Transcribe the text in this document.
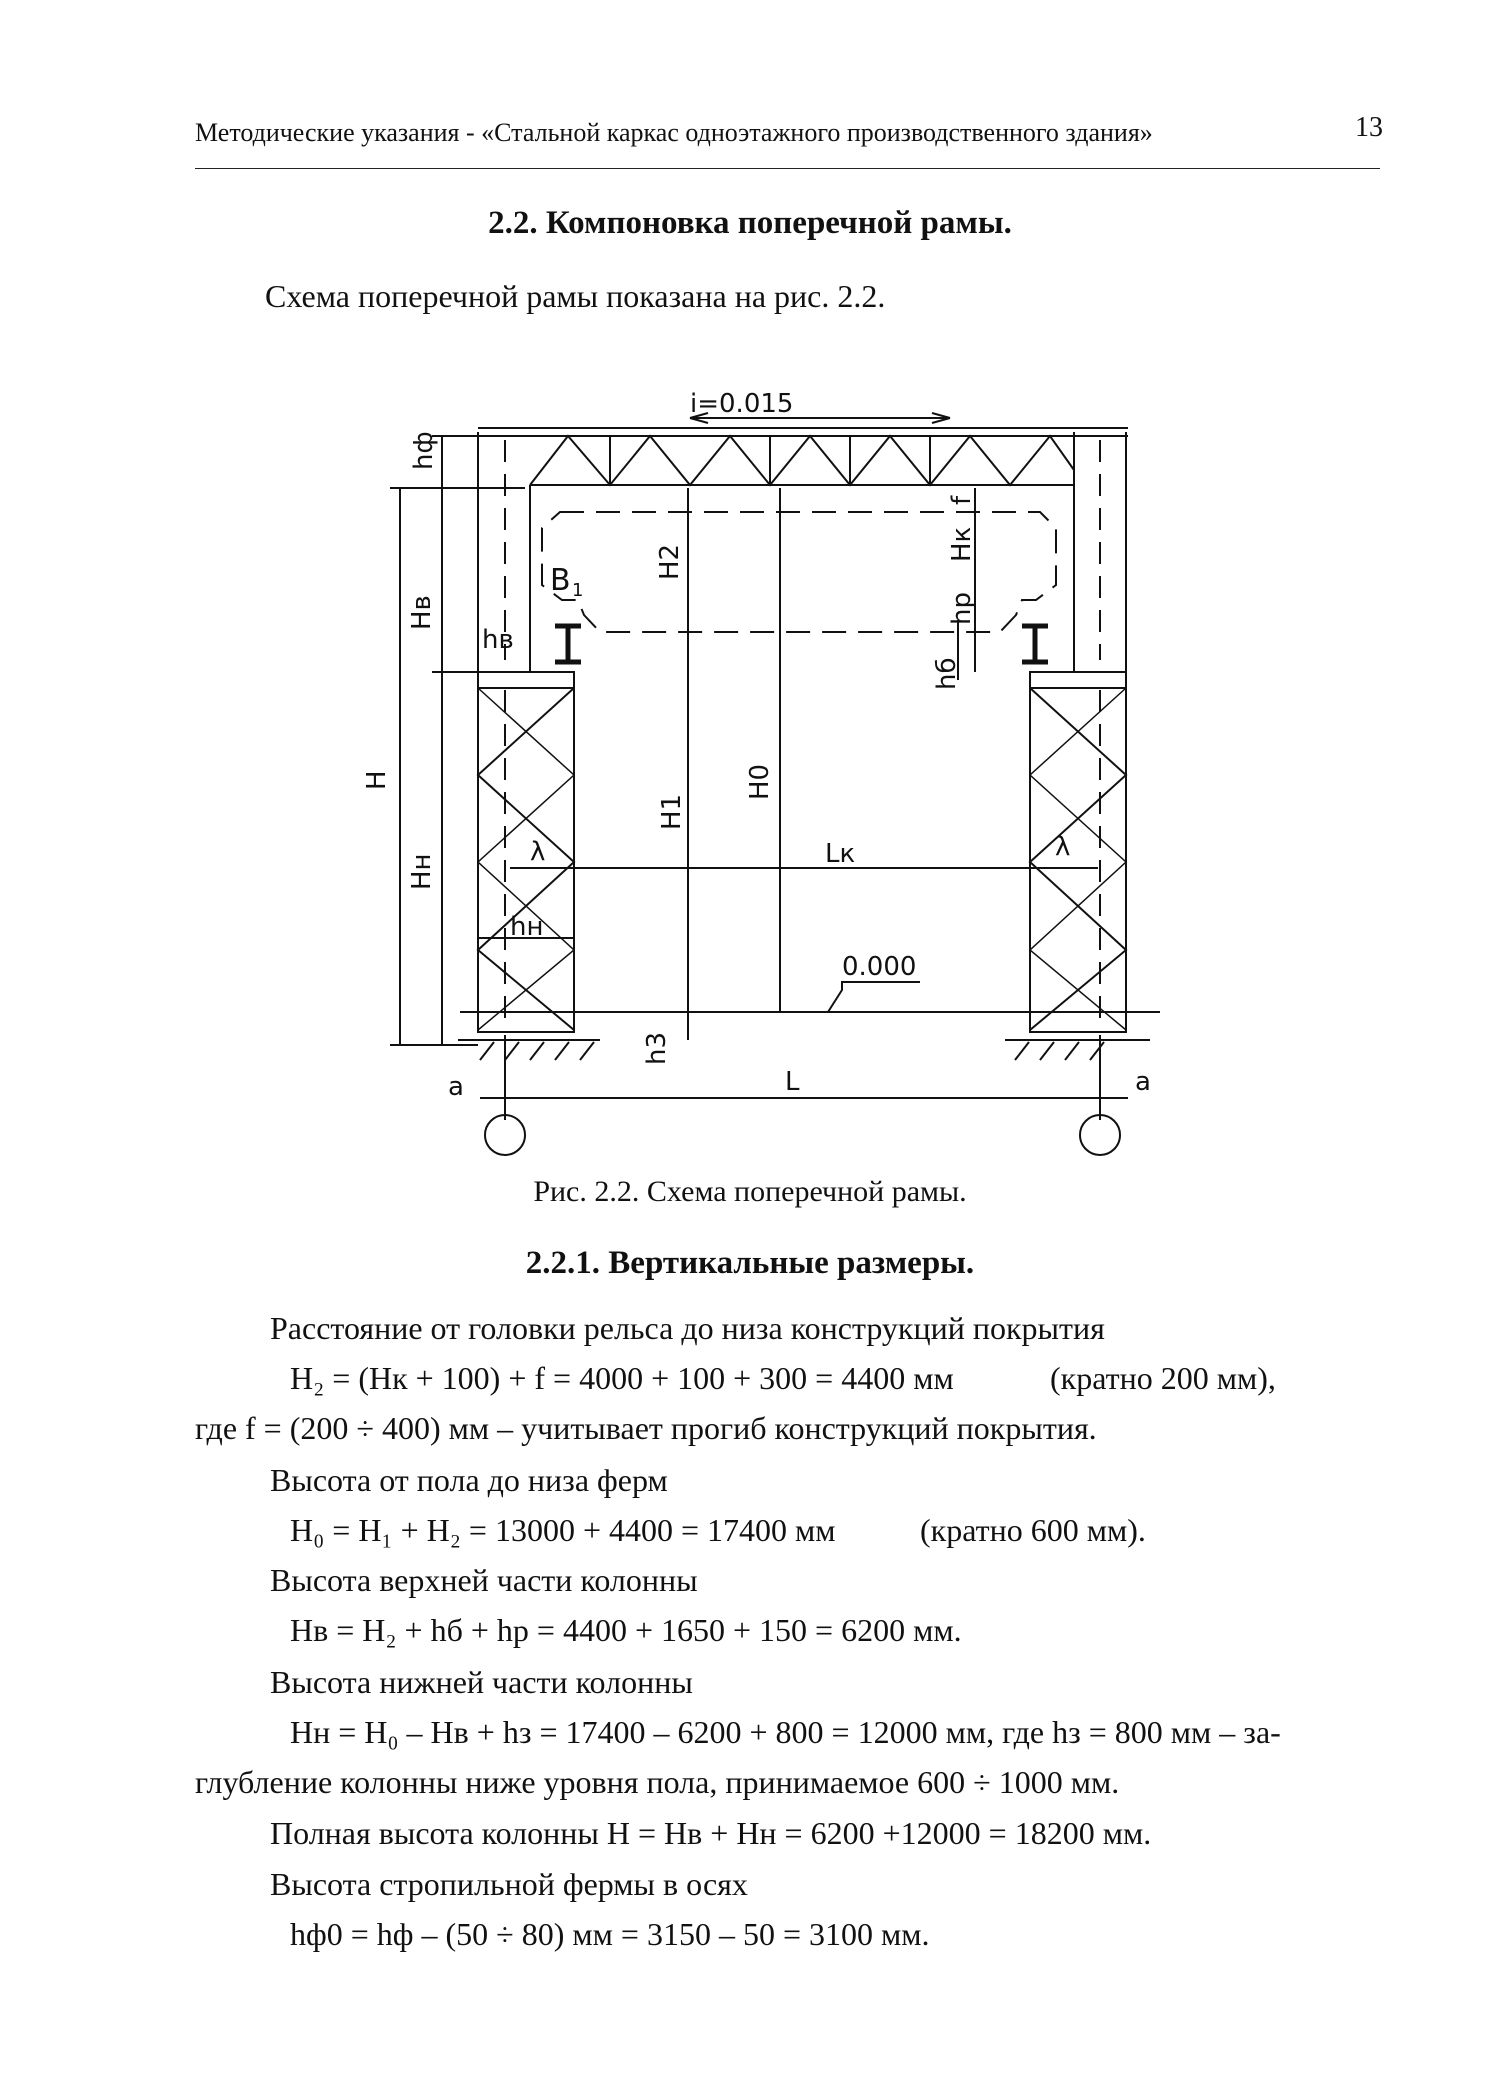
Методические указания - «Стальной каркас одноэтажного производственного здания»	13
2.2. Компоновка поперечной рамы.
Схема поперечной рамы показана на рис. 2.2.
i=0.015
hф
Нв
Н
Нн
hв
hн
B 1
H2
H1
H0
Hк
f
hр
hб
λ	λ
Lк
0.000
h3
L
a	a
Рис. 2.2. Схема поперечной рамы.
2.2.1. Вертикальные размеры.
Расстояние от головки рельса до низа конструкций покрытия
H₂ = (Hк + 100) + f = 4000 + 100 + 300 = 4400 мм	(кратно 200 мм),
где f = (200 ÷ 400) мм – учитывает прогиб конструкций покрытия.
Высота от пола до низа ферм
H₀ = H₁ + H₂ = 13000 + 4400 = 17400 мм	(кратно 600 мм).
Высота верхней части колонны
Hв = H₂ + hб + hр = 4400 + 1650 + 150 = 6200 мм.
Высота нижней части колонны
Hн = H₀ – Hв + hз = 17400 – 6200 + 800 = 12000 мм, где hз = 800 мм – за-
глубление колонны ниже уровня пола, принимаемое 600 ÷ 1000 мм.
Полная высота колонны H = Hв + Hн = 6200 +12000 = 18200 мм.
Высота стропильной фермы в осях
hф0 = hф – (50 ÷ 80) мм = 3150 – 50 = 3100 мм.
